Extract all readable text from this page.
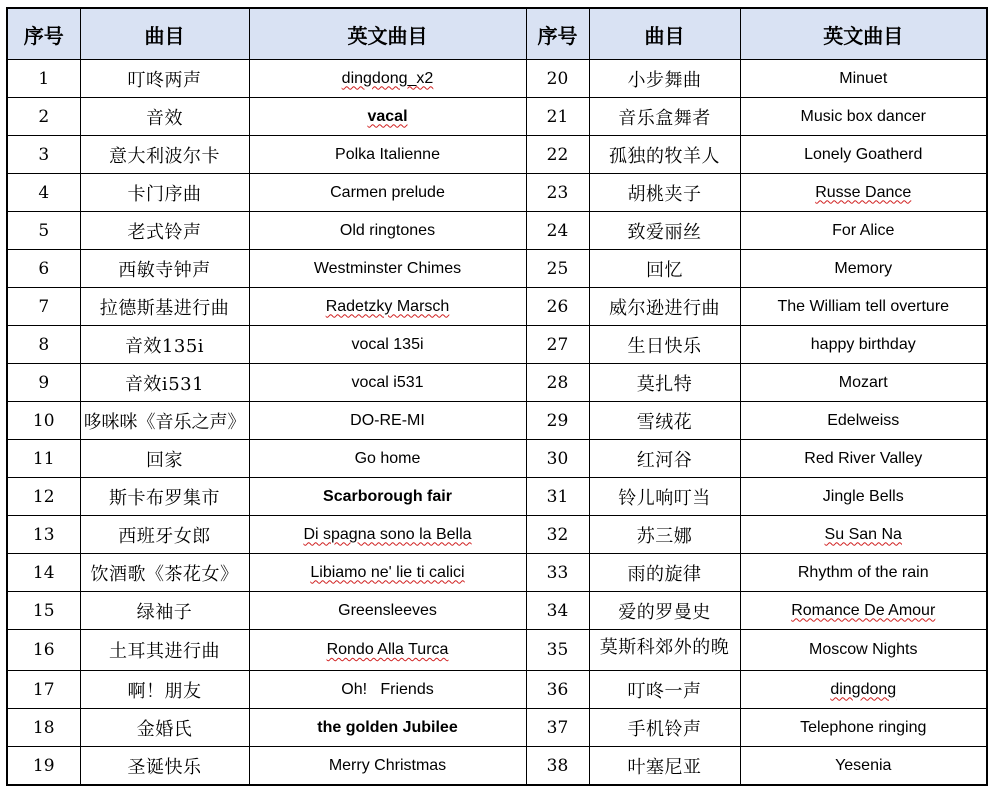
序号	曲目	英文曲目	序号	曲目	英文曲目
1	叮咚两声	dingdong_x2	20	小步舞曲	Minuet
2	音效	vacal	21	音乐盒舞者	Music box dancer
3	意大利波尔卡	Polka Italienne	22	孤独的牧羊人	Lonely Goatherd
4	卡门序曲	Carmen prelude	23	胡桃夹子	Russe Dance
5	老式铃声	Old ringtones	24	致爱丽丝	For Alice
6	西敏寺钟声	Westminster Chimes	25	回忆	Memory
7	拉德斯基进行曲	Radetzky Marsch	26	威尔逊进行曲	The William tell overture
8	音效135i	vocal 135i	27	生日快乐	happy birthday
9	音效i531	vocal i531	28	莫扎特	Mozart
10	哆咪咪《音乐之声》	DO-RE-MI	29	雪绒花	Edelweiss
11	回家	Go home	30	红河谷	Red River Valley
12	斯卡布罗集市	Scarborough fair	31	铃儿响叮当	Jingle Bells
13	西班牙女郎	Di spagna sono la Bella	32	苏三娜	Su San Na
14	饮酒歌《茶花女》	Libiamo ne' lie ti calici	33	雨的旋律	Rhythm of the rain
15	绿袖子	Greensleeves	34	爱的罗曼史	Romance De Amour
16	土耳其进行曲	Rondo Alla Turca	35	莫斯科郊外的晚	Moscow Nights
17	啊！朋友	Oh!   Friends	36	叮咚一声	dingdong
18	金婚氏	the golden Jubilee	37	手机铃声	Telephone ringing
19	圣诞快乐	Merry Christmas	38	叶塞尼亚	Yesenia
